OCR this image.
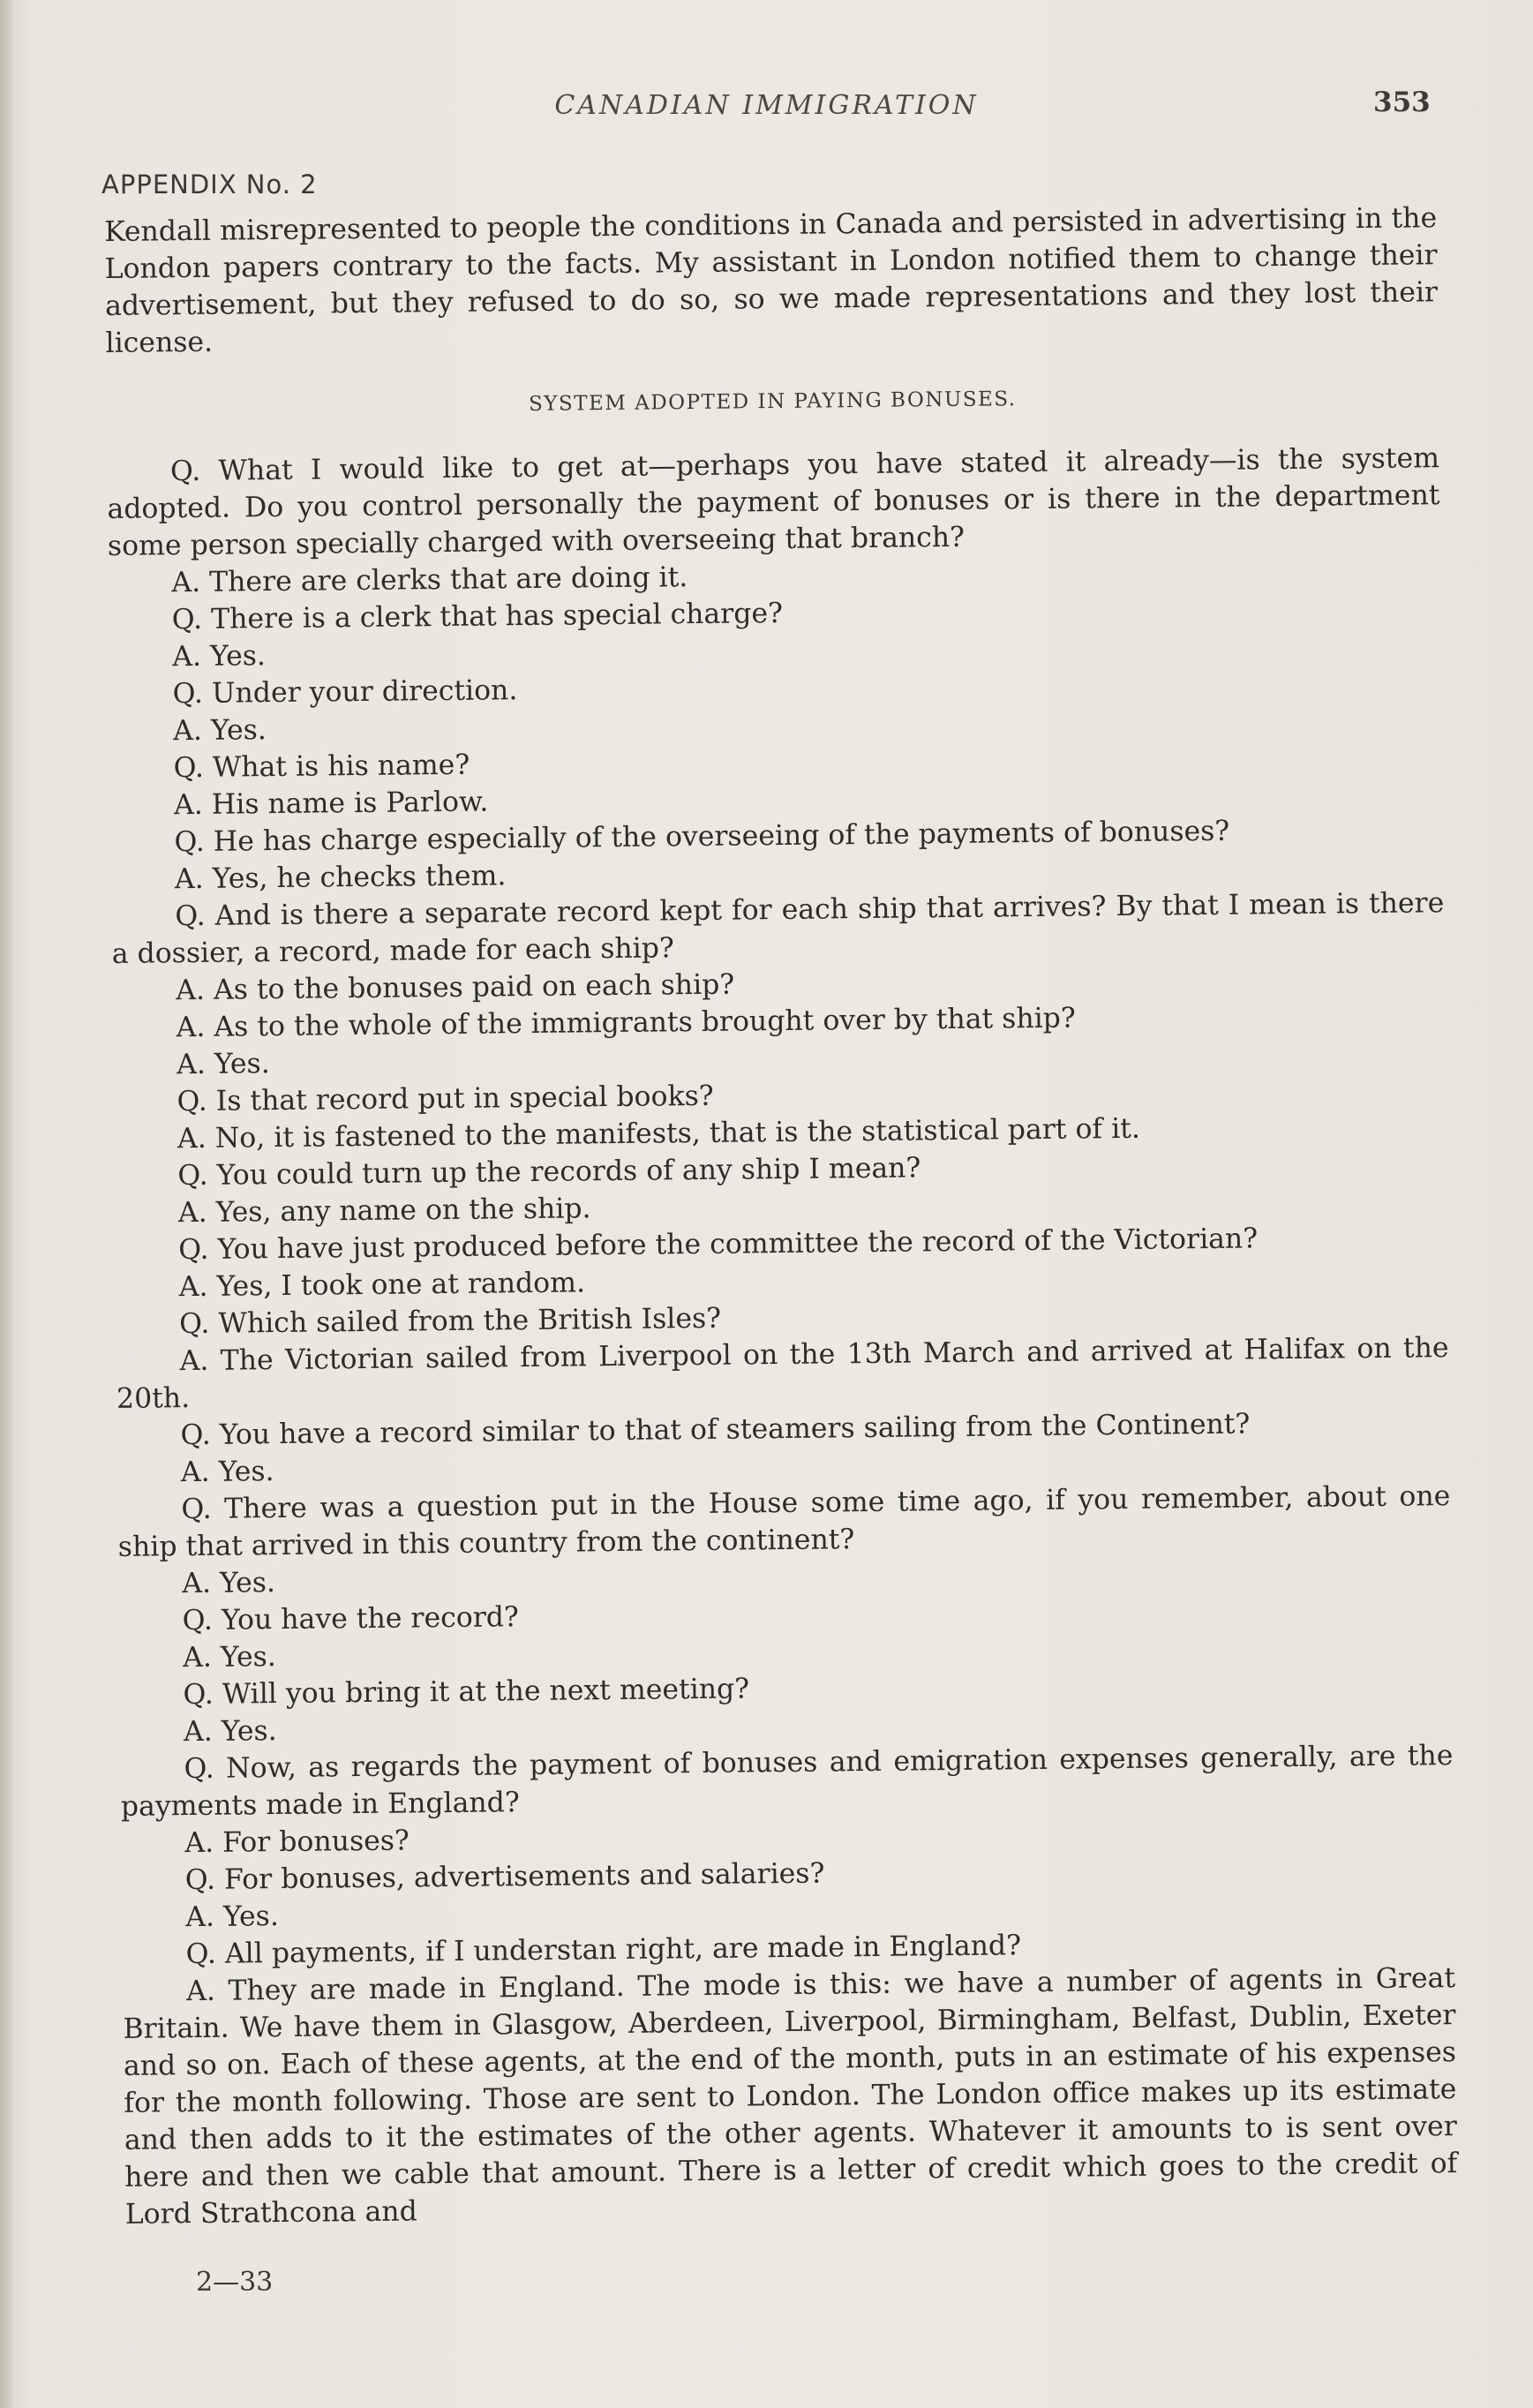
CANADIAN IMMIGRATION	353
APPENDIX No. 2

Kendall misrepresented to people the conditions in Canada and persisted in advertising in the London papers contrary to the facts. My assistant in London notified them to change their advertisement, but they refused to do so, so we made representations and they lost their license.

SYSTEM ADOPTED IN PAYING BONUSES.

Q. What I would like to get at—perhaps you have stated it already—is the system adopted. Do you control personally the payment of bonuses or is there in the department some person specially charged with overseeing that branch?

A. There are clerks that are doing it.

Q. There is a clerk that has special charge?

A. Yes.

Q. Under your direction.

A. Yes.

Q. What is his name?

A. His name is Parlow.

Q. He has charge especially of the overseeing of the payments of bonuses?

A. Yes, he checks them.

Q. And is there a separate record kept for each ship that arrives? By that I mean is there a dossier, a record, made for each ship?

A. As to the bonuses paid on each ship?

A. As to the whole of the immigrants brought over by that ship?

A. Yes.

Q. Is that record put in special books?

A. No, it is fastened to the manifests, that is the statistical part of it.

Q. You could turn up the records of any ship I mean?

A. Yes, any name on the ship.

Q. You have just produced before the committee the record of the Victorian?

A. Yes, I took one at random.

Q. Which sailed from the British Isles?

A. The Victorian sailed from Liverpool on the 13th March and arrived at Halifax on the 20th.

Q. You have a record similar to that of steamers sailing from the Continent?

A. Yes.

Q. There was a question put in the House some time ago, if you remember, about one ship that arrived in this country from the continent?

A. Yes.

Q. You have the record?

A. Yes.

Q. Will you bring it at the next meeting?

A. Yes.

Q. Now, as regards the payment of bonuses and emigration expenses generally, are the payments made in England?

A. For bonuses?

Q. For bonuses, advertisements and salaries?

A. Yes.

Q. All payments, if I understan right, are made in England?

A. They are made in England. The mode is this: we have a number of agents in Great Britain. We have them in Glasgow, Aberdeen, Liverpool, Birmingham, Belfast, Dublin, Exeter and so on. Each of these agents, at the end of the month, puts in an estimate of his expenses for the month following. Those are sent to London. The London office makes up its estimate and then adds to it the estimates of the other agents. Whatever it amounts to is sent over here and then we cable that amount. There is a letter of credit which goes to the credit of Lord Strathcona and

2—33
